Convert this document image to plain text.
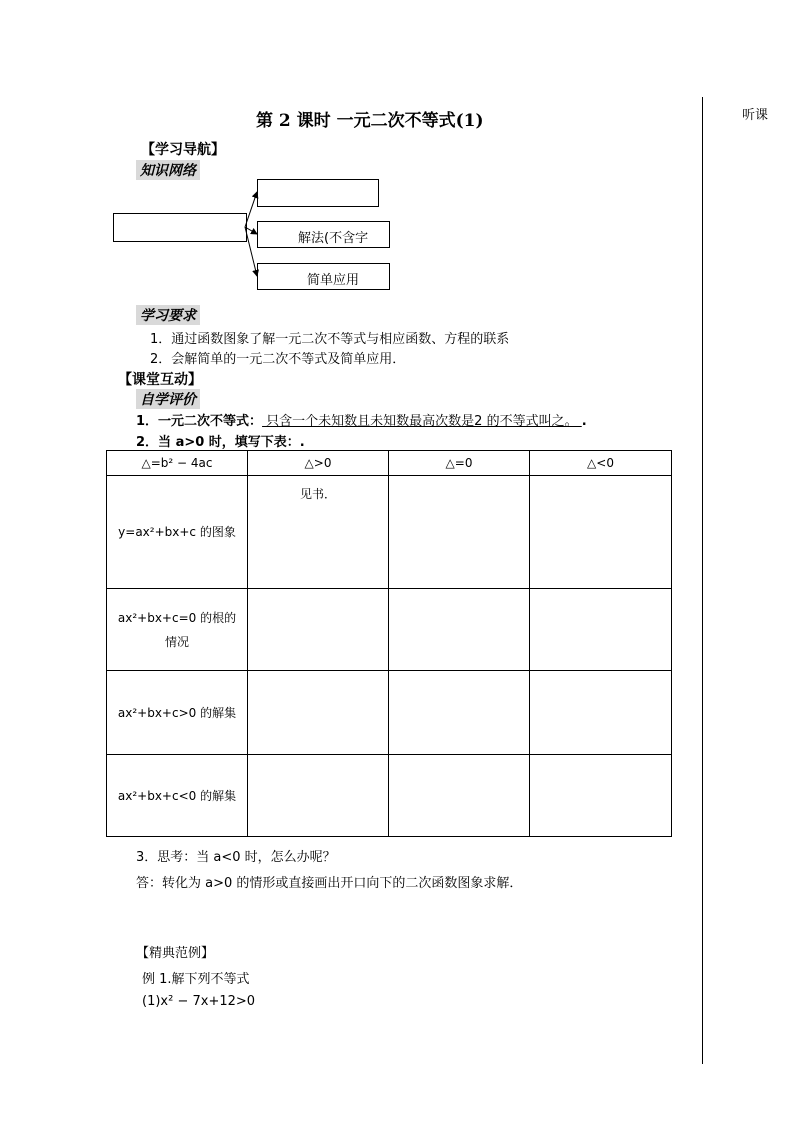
听课
第 2 课时 一元二次不等式(1)
【学习导航】
知识网络
解法(不含字
简单应用
学习要求
1．通过函数图象了解一元二次不等式与相应函数、方程的联系
2．会解简单的一元二次不等式及简单应用．
【课堂互动】
自学评价
1．一元二次不等式： 只含一个未知数且未知数最高次数是2 的不等式叫之。 .
2．当 a>0 时，填写下表：.
△=b² − 4ac	△>0	△=0	△<0
y=ax²+bx+c 的图象	见书．		
ax²+bx+c=0 的根的情况			
ax²+bx+c>0 的解集			
ax²+bx+c<0 的解集			
3．思考：当 a<0 时，怎么办呢？
答：转化为 a>0 的情形或直接画出开口向下的二次函数图象求解．
【精典范例】
例 1.解下列不等式
(1)x² − 7x+12>0
